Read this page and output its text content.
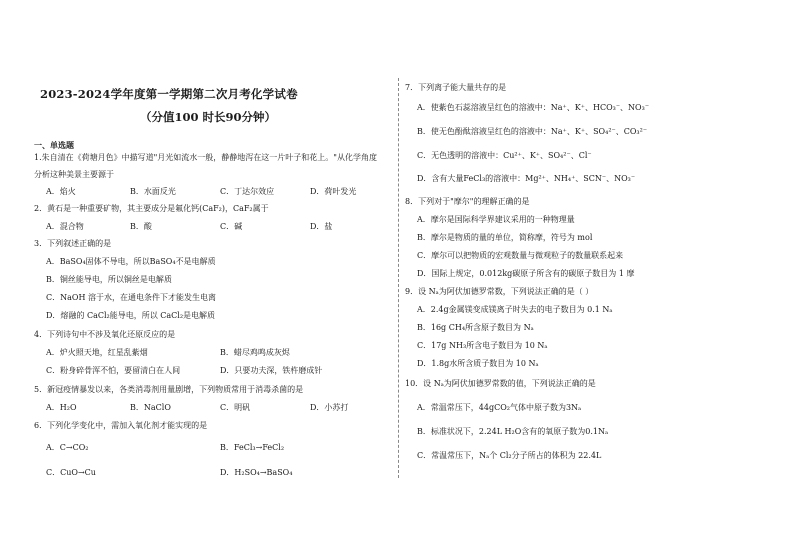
2023-2024学年度第一学期第二次月考化学试卷
（分值100 时长90分钟）
一、单选题
1.朱自清在《荷塘月色》中描写道"月光如流水一般，静静地泻在这一片叶子和花上。"从化学角度
分析这种美景主要源于
A．焰火	B．水面反光	C．丁达尔效应	D．荷叶发光
2．黄石是一种重要矿物，其主要成分是氟化钙(CaF₂)，CaF₂属于
A．混合物	B．酸	C．碱	D．盐
3．下列叙述正确的是
A．BaSO₄固体不导电，所以BaSO₄不是电解质
B．铜丝能导电，所以铜丝是电解质
C．NaOH 溶于水，在通电条件下才能发生电离
D．熔融的 CaCl₂能导电，所以 CaCl₂是电解质
4．下列诗句中不涉及氧化还原反应的是
A．炉火照天地，红星乱紫烟	B．蜡尽鸡鸣成灰烬
C．粉身碎骨浑不怕，要留清白在人间	D．只要功夫深，铁杵磨成针
5．新冠疫情暴发以来，各类消毒剂用量剧增，下列物质常用于消毒杀菌的是
A．H₂O	B．NaClO	C．明矾	D．小苏打
6．下列化学变化中，需加入氧化剂才能实现的是
A．C→CO₂	B．FeCl₃→FeCl₂
C．CuO→Cu	D．H₂SO₄→BaSO₄
7．下列离子能大量共存的是
A．使紫色石蕊溶液呈红色的溶液中：Na⁺、K⁺、HCO₃⁻、NO₃⁻
B．使无色酚酞溶液呈红色的溶液中：Na⁺、K⁺、SO₄²⁻、CO₃²⁻
C．无色透明的溶液中：Cu²⁺、K⁺、SO₄²⁻、Cl⁻
D．含有大量FeCl₃的溶液中：Mg²⁺、NH₄⁺、SCN⁻、NO₃⁻
8．下列对于"摩尔"的理解正确的是
A．摩尔是国际科学界建议采用的一种物理量
B．摩尔是物质的量的单位，简称摩，符号为 mol
C．摩尔可以把物质的宏观数量与微观粒子的数量联系起来
D．国际上规定，0.012kg碳原子所含有的碳原子数目为 1 摩
9．设 Nₐ为阿伏加德罗常数，下列说法正确的是（ ）
A．2.4g金属镁变成镁离子时失去的电子数目为 0.1 Nₐ
B．16g CH₄所含原子数目为 Nₐ
C．17g NH₃所含电子数目为 10 Nₐ
D．1.8g水所含质子数目为 10 Nₐ
10．设 Nₐ为阿伏加德罗常数的值，下列说法正确的是
A．常温常压下，44gCO₂气体中原子数为3Nₐ
B．标准状况下，2.24L H₂O含有的氧原子数为0.1Nₐ
C．常温常压下，Nₐ个 Cl₂分子所占的体积为 22.4L
